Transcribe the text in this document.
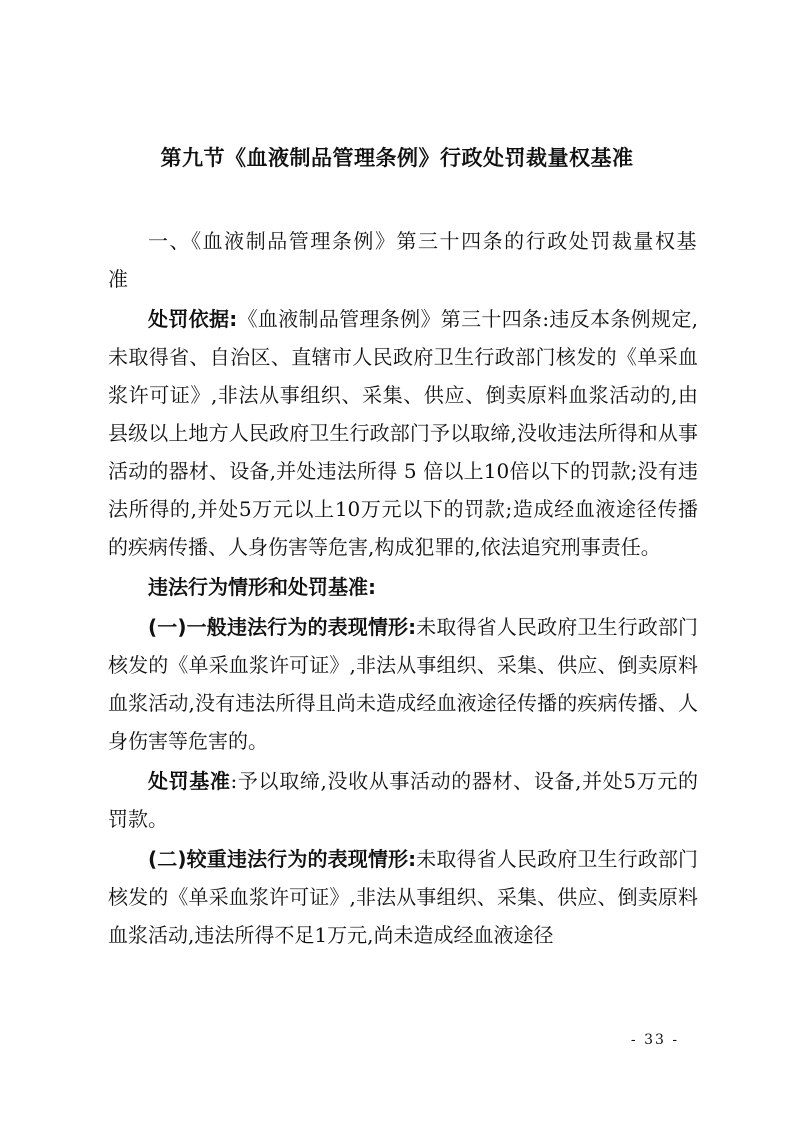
第九节《血液制品管理条例》行政处罚裁量权基准

一、《血液制品管理条例》第三十四条的行政处罚裁量权基准

处罚依据:《血液制品管理条例》第三十四条:违反本条例规定,未取得省、自治区、直辖市人民政府卫生行政部门核发的《单采血浆许可证》,非法从事组织、采集、供应、倒卖原料血浆活动的,由县级以上地方人民政府卫生行政部门予以取缔,没收违法所得和从事活动的器材、设备,并处违法所得 5 倍以上10倍以下的罚款;没有违法所得的,并处5万元以上10万元以下的罚款;造成经血液途径传播的疾病传播、人身伤害等危害,构成犯罪的,依法追究刑事责任。

违法行为情形和处罚基准:

(一)一般违法行为的表现情形:未取得省人民政府卫生行政部门核发的《单采血浆许可证》,非法从事组织、采集、供应、倒卖原料血浆活动,没有违法所得且尚未造成经血液途径传播的疾病传播、人身伤害等危害的。

处罚基准:予以取缔,没收从事活动的器材、设备,并处5万元的罚款。

(二)较重违法行为的表现情形:未取得省人民政府卫生行政部门核发的《单采血浆许可证》,非法从事组织、采集、供应、倒卖原料血浆活动,违法所得不足1万元,尚未造成经血液途径

- 33 -
